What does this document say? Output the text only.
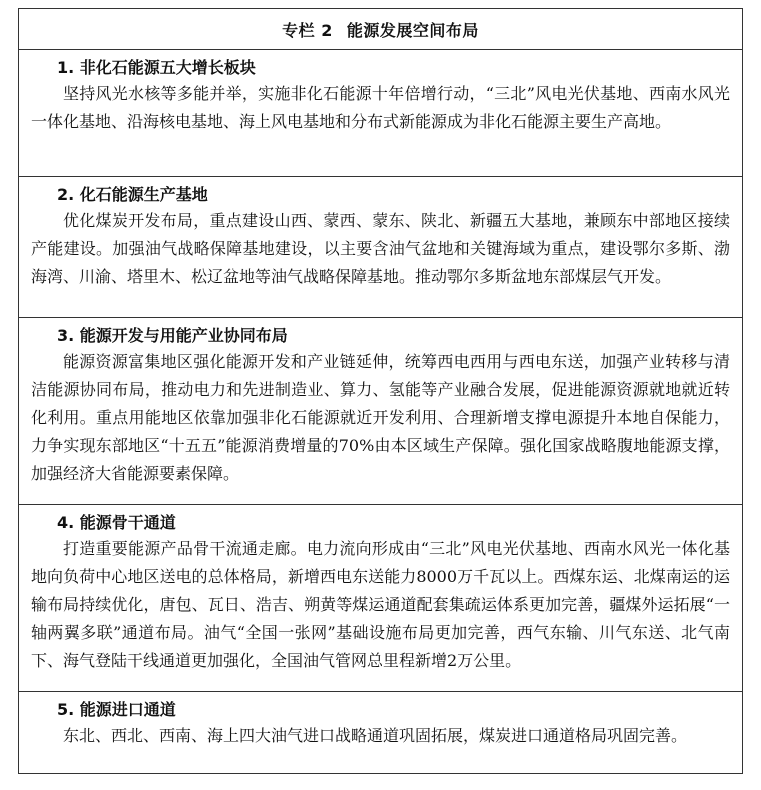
专栏 2 能源发展空间布局
1. 非化石能源五大增长板块

坚持风光水核等多能并举，实施非化石能源十年倍增行动，“三北”风电光伏基地、西南水风光一体化基地、沿海核电基地、海上风电基地和分布式新能源成为非化石能源主要生产高地。

2. 化石能源生产基地

优化煤炭开发布局，重点建设山西、蒙西、蒙东、陕北、新疆五大基地，兼顾东中部地区接续产能建设。加强油气战略保障基地建设，以主要含油气盆地和关键海域为重点，建设鄂尔多斯、渤海湾、川渝、塔里木、松辽盆地等油气战略保障基地。推动鄂尔多斯盆地东部煤层气开发。

3. 能源开发与用能产业协同布局

能源资源富集地区强化能源开发和产业链延伸，统筹西电西用与西电东送，加强产业转移与清洁能源协同布局，推动电力和先进制造业、算力、氢能等产业融合发展，促进能源资源就地就近转化利用。重点用能地区依靠加强非化石能源就近开发利用、合理新增支撑电源提升本地自保能力，力争实现东部地区“十五五”能源消费增量的70%由本区域生产保障。强化国家战略腹地能源支撑，加强经济大省能源要素保障。

4. 能源骨干通道

打造重要能源产品骨干流通走廊。电力流向形成由“三北”风电光伏基地、西南水风光一体化基地向负荷中心地区送电的总体格局，新增西电东送能力8000万千瓦以上。西煤东运、北煤南运的运输布局持续优化，唐包、瓦日、浩吉、朔黄等煤运通道配套集疏运体系更加完善，疆煤外运拓展“一轴两翼多联”通道布局。油气“全国一张网”基础设施布局更加完善，西气东输、川气东送、北气南下、海气登陆干线通道更加强化，全国油气管网总里程新增2万公里。

5. 能源进口通道

东北、西北、西南、海上四大油气进口战略通道巩固拓展，煤炭进口通道格局巩固完善。
